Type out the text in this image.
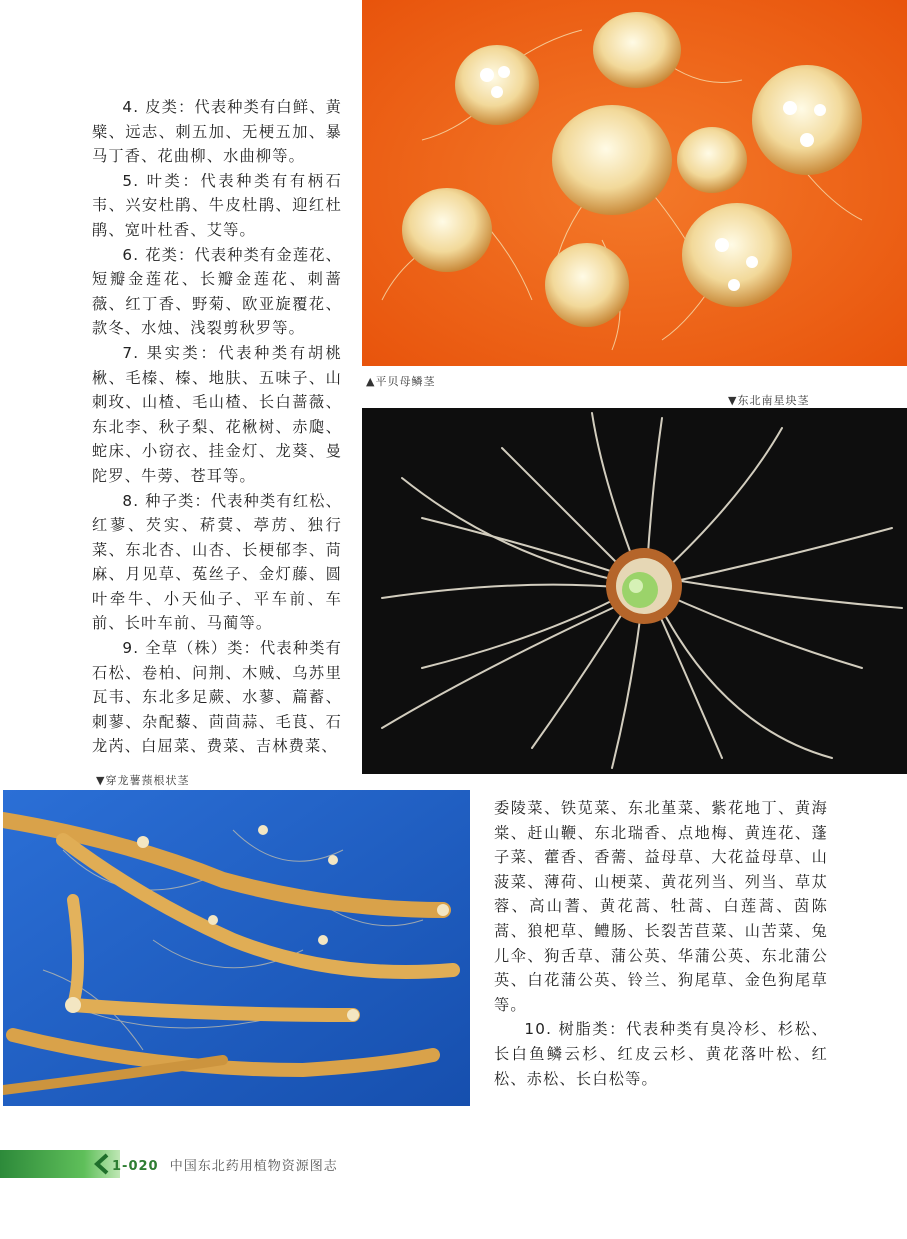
4. 皮类：代表种类有白鲜、黄檗、远志、刺五加、无梗五加、暴马丁香、花曲柳、水曲柳等。

5. 叶类：代表种类有有柄石韦、兴安杜鹃、牛皮杜鹃、迎红杜鹃、宽叶杜香、艾等。

6. 花类：代表种类有金莲花、短瓣金莲花、长瓣金莲花、刺蔷薇、红丁香、野菊、欧亚旋覆花、款冬、水烛、浅裂剪秋罗等。

7. 果实类：代表种类有胡桃楸、毛榛、榛、地肤、五味子、山刺玫、山楂、毛山楂、长白蔷薇、东北李、秋子梨、花楸树、赤瓟、蛇床、小窃衣、挂金灯、龙葵、曼陀罗、牛蒡、苍耳等。

8. 种子类：代表种类有红松、红蓼、芡实、菥蓂、葶苈、独行菜、东北杏、山杏、长梗郁李、苘麻、月见草、菟丝子、金灯藤、圆叶牵牛、小天仙子、平车前、车前、长叶车前、马蔺等。

9. 全草（株）类：代表种类有石松、卷柏、问荆、木贼、乌苏里瓦韦、东北多足蕨、水蓼、萹蓄、刺蓼、杂配藜、茴茴蒜、毛茛、石龙芮、白屈菜、费菜、吉林费菜、

委陵菜、铁苋菜、东北堇菜、紫花地丁、黄海棠、赶山鞭、东北瑞香、点地梅、黄连花、蓬子菜、藿香、香薷、益母草、大花益母草、山菠菜、薄荷、山梗菜、黄花列当、列当、草苁蓉、高山蓍、黄花蒿、牡蒿、白莲蒿、茵陈蒿、狼杷草、鳢肠、长裂苦苣菜、山苦菜、兔儿伞、狗舌草、蒲公英、华蒲公英、东北蒲公英、白花蒲公英、铃兰、狗尾草、金色狗尾草等。

10. 树脂类：代表种类有臭冷杉、杉松、长白鱼鳞云杉、红皮云杉、黄花落叶松、红松、赤松、长白松等。

▲平贝母鳞茎
▼东北南星块茎
▼穿龙薯蓣根状茎
1-020 中国东北药用植物资源图志
